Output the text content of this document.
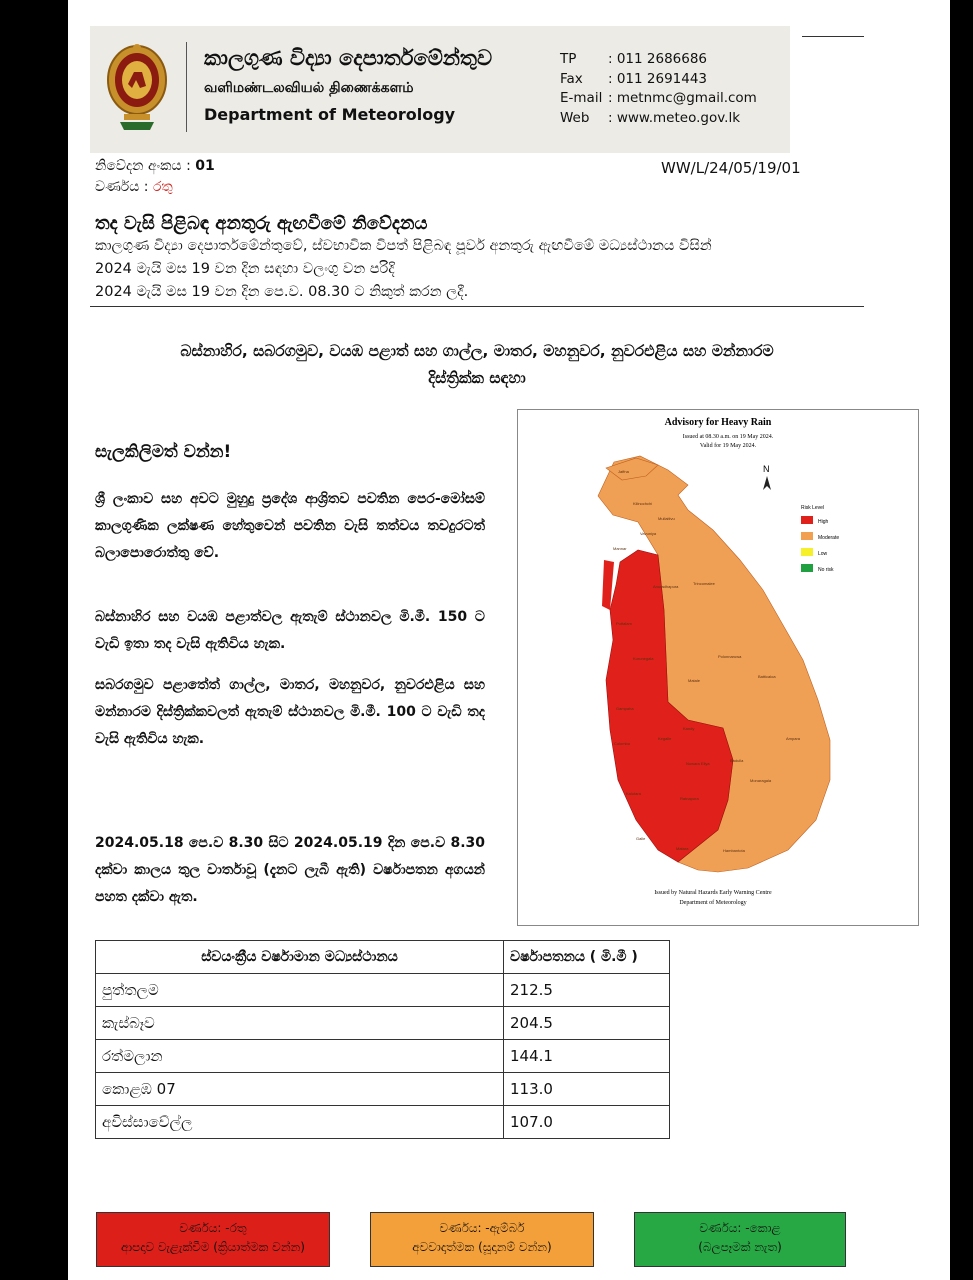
කාලගුණ විද්‍යා දෙපාර්තමේන්තුව
வளிமண்டலவியல் திணைக்களம்
Department of Meteorology
TP : 011 2686686
Fax : 011 2691443
E-mail : metnmc@gmail.com
Web : www.meteo.gov.lk
නිවේදන අංකය : 01
වර්ණය : රතු
WW/L/24/05/19/01
තද වැසි පිළිබඳ අනතුරු ඇඟවීමේ නිවේදනය
කාලගුණ විද්‍යා දෙපාර්තමේන්තුවේ, ස්වභාවික විපත් පිළිබඳ පූර්ව අනතුරු ඇඟවීමේ මධ්‍යස්ථානය විසින්
2024 මැයි මස 19 වන දින සඳහා වලංගු වන පරිදි
2024 මැයි මස 19 වන දින පෙ.ව. 08.30 ට නිකුත් කරන ලදී.
බස්නාහිර, සබරගමුව, වයඹ පළාත් සහ ගාල්ල, මාතර, මහනුවර, නුවරඑළිය සහ මන්නාරම
දිස්ත්‍රික්ක සඳහා
සැලකිලිමත් වන්න!
ශ්‍රී ලංකාව සහ අවට මුහුදු ප්‍රදේශ ආශ්‍රිතව පවතින පෙර-මෝසම් කාලගුණික ලක්ෂණ හේතුවෙන් පවතින වැසි තත්වය තවදුරටත් බලාපොරොත්තු වේ.
බස්නාහිර සහ වයඹ පළාත්වල ඇතැම් ස්ථානවල මි.මී. 150 ට වැඩි ඉතා තද වැසි ඇතිවිය හැක.
සබරගමුව පළාතේත් ගාල්ල, මාතර, මහනුවර, නුවරඑළිය සහ මන්නාරම දිස්ත්‍රික්කවලත් ඇතැම් ස්ථානවල මි.මී. 100 ට වැඩි තද වැසි ඇතිවිය හැක.
2024.05.18 පෙ.ව 8.30 සිට 2024.05.19 දින පෙ.ව 8.30 දක්වා කාලය තුල වාර්තාවූ (දැනට ලැබී ඇති) වර්ෂාපතන අගයන් පහත දක්වා ඇත.
Advisory for Heavy Rain
Issued at 08.30 a.m. on 19 May 2024.
Valid for 19 May 2024.
N
Risk Level
High
Moderate
Low
No risk
Jaffna
Kilinochchi
Mullaitivu
Mannar
Vavuniya
Trincomalee
Anuradhapura
Puttalam
Polonnaruwa
Kurunegala
Matale
Batticaloa
Gampaha
Kandy
Colombo
Kegalle
Nuwara Eliya
Badulla
Ampara
Kalutara
Ratnapura
Monaragala
Galle
Matara	Hambantota
Issued by Natural Hazards Early Warning Centre
Department of Meteorology
ස්වයංක්‍රීය වර්ෂාමාන මධ්‍යස්ථානය	වර්ෂාපතනය ( මි.මී )
පුත්තලම	212.5
කැස්බෑව	204.5
රත්මලාන	144.1
කොළඹ 07	113.0
අවිස්සාවේල්ල	107.0
වර්ණය: -රතු
ආපදාව වැළැක්වීම (ක්‍රියාත්මක වන්න)
වර්ණය: -ඇම්බර්
අවවාදාත්මක (සූදානම් වන්න)
වර්ණය: -කොළ
(බලපෑමක් නැත)
